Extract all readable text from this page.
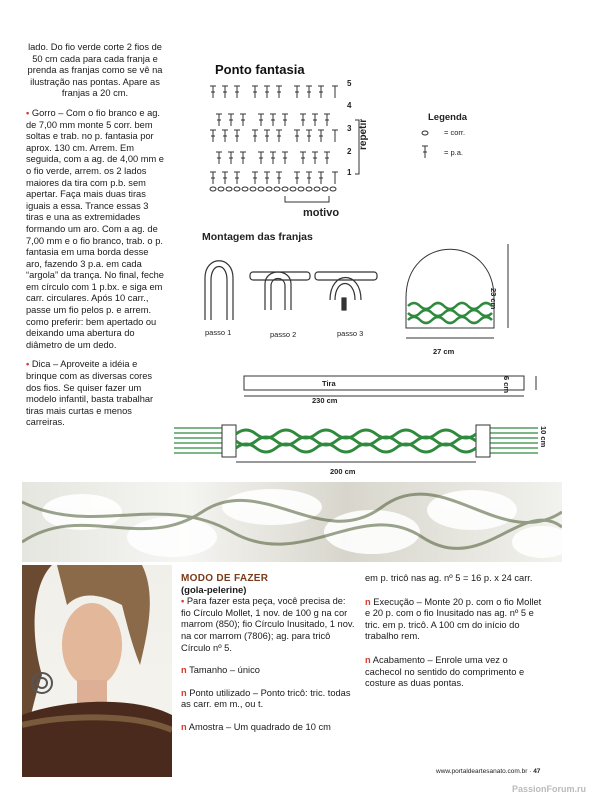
lado. Do fio verde corte 2 fios de 50 cm cada para cada franja e prenda as franjas como se vê na ilustração nas pontas. Apare as franjas a 20 cm.

• Gorro – Com o fio branco e ag. de 7,00 mm monte 5 corr. bem soltas e trab. no p. fantasia por aprox. 130 cm. Arrem. Em seguida, com a ag. de 4,00 mm e o fio verde, arrem. os 2 lados maiores da tira com p.b. sem apertar. Faça mais duas tiras iguais a essa. Trance essas 3 tiras e una as extremidades formando um aro. Com a ag. de 7,00 mm e o fio branco, trab. o p. fantasia em uma borda desse aro, fazendo 3 p.a. em cada “argola” da trança. No final, feche em círculo com 1 p.bx. e siga em carr. circulares. Após 10 carr., passe um fio pelos p. e arrem. como preferir: bem apertado ou deixando uma abertura do diâmetro de um dedo.

• Dica – Aproveite a idéia e brinque com as diversas cores dos fios. Se quiser fazer um modelo infantil, basta trabalhar tiras mais curtas e menos carreiras.

Ponto fantasia
5
4
3
2
1
repetir
motivo
Legenda
= corr.
= p.a.
Montagem das franjas
passo 1	passo 2	passo 3
23 cm
27 cm
Tira	6 cm
230 cm
10 cm
200 cm
MODO DE FAZER
(gola-pelerine)
• Para fazer esta peça, você precisa de: fio Círculo Mollet, 1 nov. de 100 g na cor marrom (850); fio Círculo Inusitado, 1 nov. na cor marrom (7806); ag. para tricô Círculo nº 5.
n Tamanho – único
n Ponto utilizado – Ponto tricô: tric. todas as carr. em m., ou t.
n Amostra – Um quadrado de 10 cm
em p. tricô nas ag. nº 5 = 16 p. x 24 carr.
n Execução – Monte 20 p. com o fio Mollet e 20 p. com o fio Inusitado nas ag. nº 5 e tric. em p. tricô. A 100 cm do início do trabalho rem.
n Acabamento – Enrole uma vez o cachecol no sentido do comprimento e costure as duas pontas.
www.portaldeartesanato.com.br · 47
PassionForum.ru
